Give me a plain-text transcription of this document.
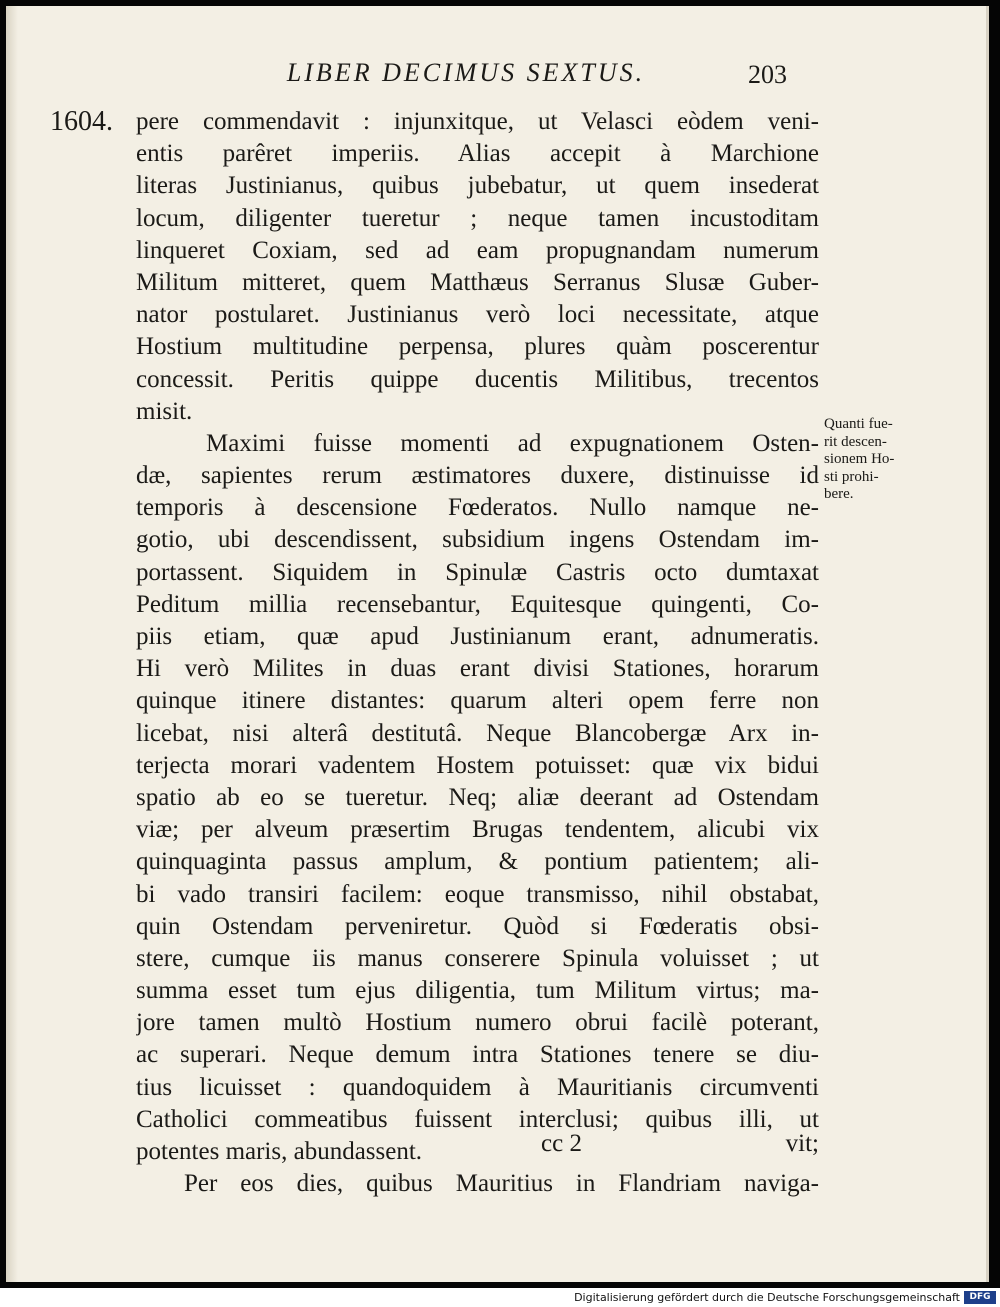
LIBER DECIMUS SEXTUS.	203
1604. pere commendavit : injunxitque, ut Velasci eòdem veni-
entis parêret imperiis. Alias accepit à Marchione
literas Justinianus, quibus jubebatur, ut quem insederat
locum, diligenter tueretur ; neque tamen incustoditam
linqueret Coxiam, sed ad eam propugnandam numerum
Militum mitteret, quem Matthæus Serranus Slusæ Guber-
nator postularet. Justinianus verò loci necessitate, atque
Hostium multitudine perpensa, plures quàm poscerentur
concessit. Peritis quippe ducentis Militibus, trecentos
misit.
Maximi fuisse momenti ad expugnationem Osten-
dæ, sapientes rerum æstimatores duxere, distinuisse id
temporis à descensione Fœderatos. Nullo namque ne-
gotio, ubi descendissent, subsidium ingens Ostendam im-
portassent. Siquidem in Spinulæ Castris octo dumtaxat
Peditum millia recensebantur, Equitesque quingenti, Co-
piis etiam, quæ apud Justinianum erant, adnumeratis.
Hi verò Milites in duas erant divisi Stationes, horarum
quinque itinere distantes: quarum alteri opem ferre non
licebat, nisi alterâ destitutâ. Neque Blancobergæ Arx in-
terjecta morari vadentem Hostem potuisset: quæ vix bidui
spatio ab eo se tueretur. Neq; aliæ deerant ad Ostendam
viæ; per alveum præsertim Brugas tendentem, alicubi vix
quinquaginta passus amplum, & pontium patientem; ali-
bi vado transiri facilem: eoque transmisso, nihil obstabat,
quin Ostendam perveniretur. Quòd si Fœderatis obsi-
stere, cumque iis manus conserere Spinula voluisset ; ut
summa esset tum ejus diligentia, tum Militum virtus; ma-
jore tamen multò Hostium numero obrui facilè poterant,
ac superari. Neque demum intra Stationes tenere se diu-
tius licuisset : quandoquidem à Mauritianis circumventi
Catholici commeatibus fuissent interclusi; quibus illi, ut
potentes maris, abundassent.
Per eos dies, quibus Mauritius in Flandriam naviga-
Quanti fue-
rit descen-
sionem Ho-
sti prohi-
bere.
cc 2	vit;
Digitalisierung gefördert durch die Deutsche Forschungsgemeinschaft	DFG
